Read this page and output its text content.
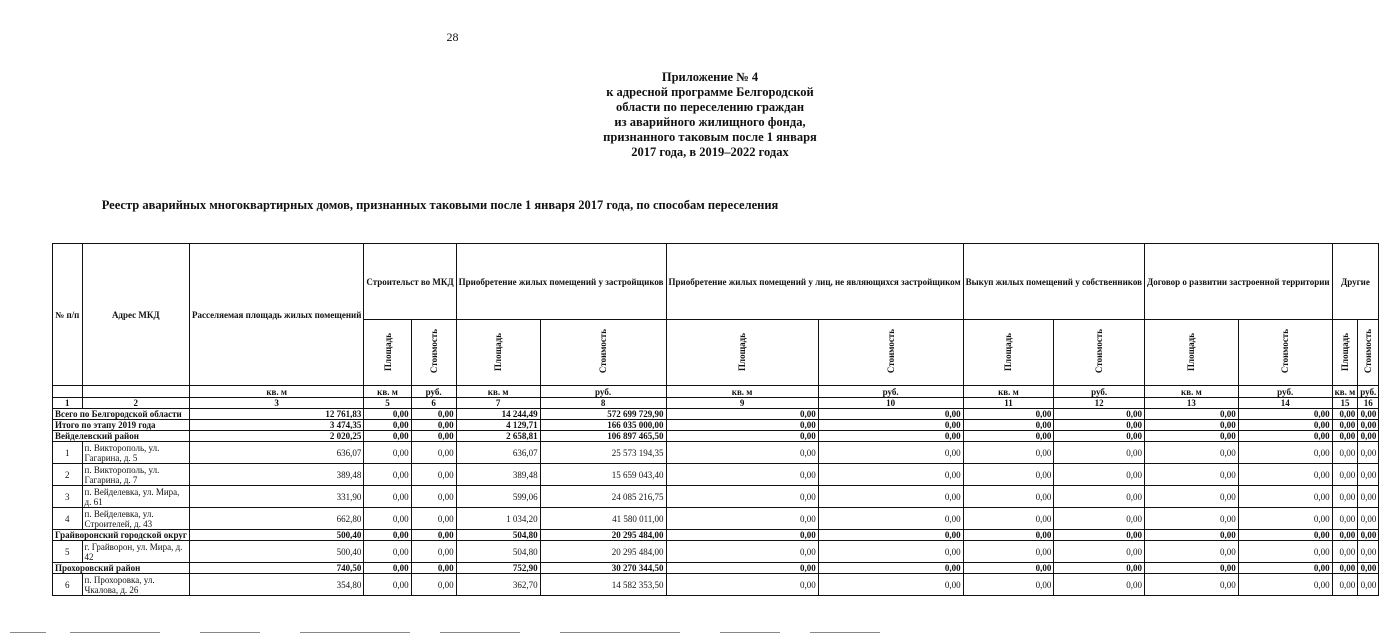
28
Приложение № 4
к адресной программе Белгородской
области по переселению граждан
из аварийного жилищного фонда,
признанного таковым после 1 января
2017 года, в 2019–2022 годах
Реестр аварийных многоквартирных домов, признанных таковыми после 1 января 2017 года, по способам переселения
№ п/п	Адрес МКД	Расселяемая площадь жилых помещений	Строительст во МКД		Приобретение жилых помещений у застройщиков		Приобретение жилых помещений у лиц, не являющихся застройщиком		Выкуп жилых помещений у собственников		Договор о развитии застроенной территории		Другие	
			Площадь	Стоимость	Площадь	Стоимость	Площадь	Стоимость	Площадь	Стоимость	Площадь	Стоимость	Площадь	Стоимость
		кв. м	кв. м	руб.	кв. м	руб.	кв. м	руб.	кв. м	руб.	кв. м	руб.	кв. м	руб.
1	2	3	5	6	7	8	9	10	11	12	13	14	15	16
Всего по Белгородской области		12 761,83	0,00	0,00	14 244,49	572 699 729,90	0,00	0,00	0,00	0,00	0,00	0,00	0,00	0,00
Итого по этапу 2019 года		3 474,35	0,00	0,00	4 129,71	166 035 000,00	0,00	0,00	0,00	0,00	0,00	0,00	0,00	0,00
Вейделевский район		2 020,25	0,00	0,00	2 658,81	106 897 465,50	0,00	0,00	0,00	0,00	0,00	0,00	0,00	0,00
1	п. Викторополь, ул. Гагарина, д. 5	636,07	0,00	0,00	636,07	25 573 194,35	0,00	0,00	0,00	0,00	0,00	0,00	0,00	0,00
2	п. Викторополь, ул. Гагарина, д. 7	389,48	0,00	0,00	389,48	15 659 043,40	0,00	0,00	0,00	0,00	0,00	0,00	0,00	0,00
3	п. Вейделевка, ул. Мира, д. 61	331,90	0,00	0,00	599,06	24 085 216,75	0,00	0,00	0,00	0,00	0,00	0,00	0,00	0,00
4	п. Вейделевка, ул. Строителей, д. 43	662,80	0,00	0,00	1 034,20	41 580 011,00	0,00	0,00	0,00	0,00	0,00	0,00	0,00	0,00
Грайворонский городской округ		500,40	0,00	0,00	504,80	20 295 484,00	0,00	0,00	0,00	0,00	0,00	0,00	0,00	0,00
5	г. Грайворон, ул. Мира, д. 42	500,40	0,00	0,00	504,80	20 295 484,00	0,00	0,00	0,00	0,00	0,00	0,00	0,00	0,00
Прохоровский район		740,50	0,00	0,00	752,90	30 270 344,50	0,00	0,00	0,00	0,00	0,00	0,00	0,00	0,00
6	п. Прохоровка, ул. Чкалова, д. 26	354,80	0,00	0,00	362,70	14 582 353,50	0,00	0,00	0,00	0,00	0,00	0,00	0,00	0,00
